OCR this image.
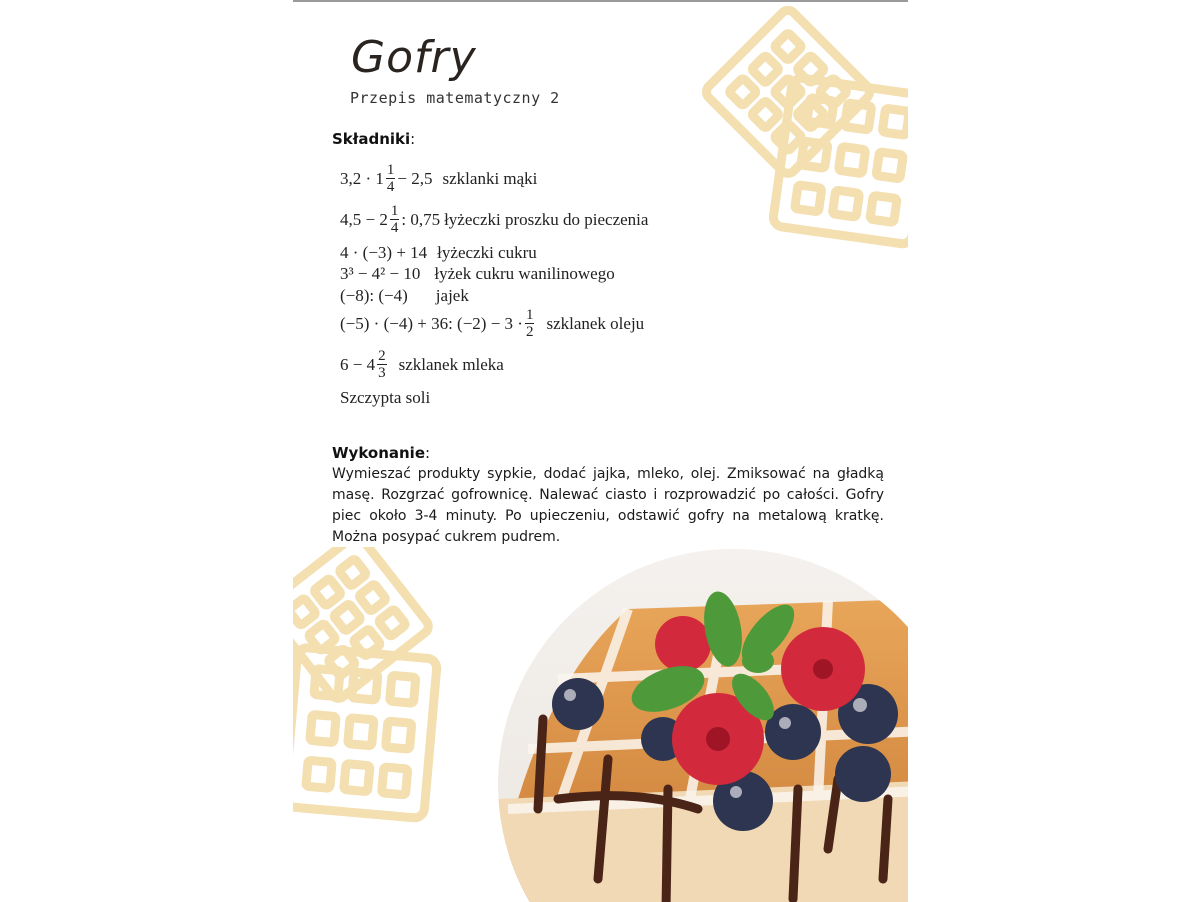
Gofry

Przepis matematyczny 2

Składniki:

$3,2 \cdot 1 \frac{1}{4} - 2,5$ szklanki mąki
$4,5 - 2 \frac{1}{4}$ : 0,75 łyżeczki proszku do pieczenia
4 · (−3) + 14 łyżeczki cukru
3³ − 4² − 10 łyżek cukru wanilinowego
(−8): (−4) jajek
(−5) · (−4) + 36: $(-2) - 3 \cdot \frac{1}{2}$ szklanek oleju
$6 - 4 \frac{2}{3}$ szklanek mleka
Szczypta soli

Wykonanie:

Wymieszać produkty sypkie, dodać jajka, mleko, olej. Zmiksować na gładką masę. Rozgrzać gofrownicę. Nalewać ciasto i rozprowadzić po całości. Gofry piec około 3-4 minuty. Po upieczeniu, odstawić gofry na metalową kratkę. Można posypać cukrem pudrem.
